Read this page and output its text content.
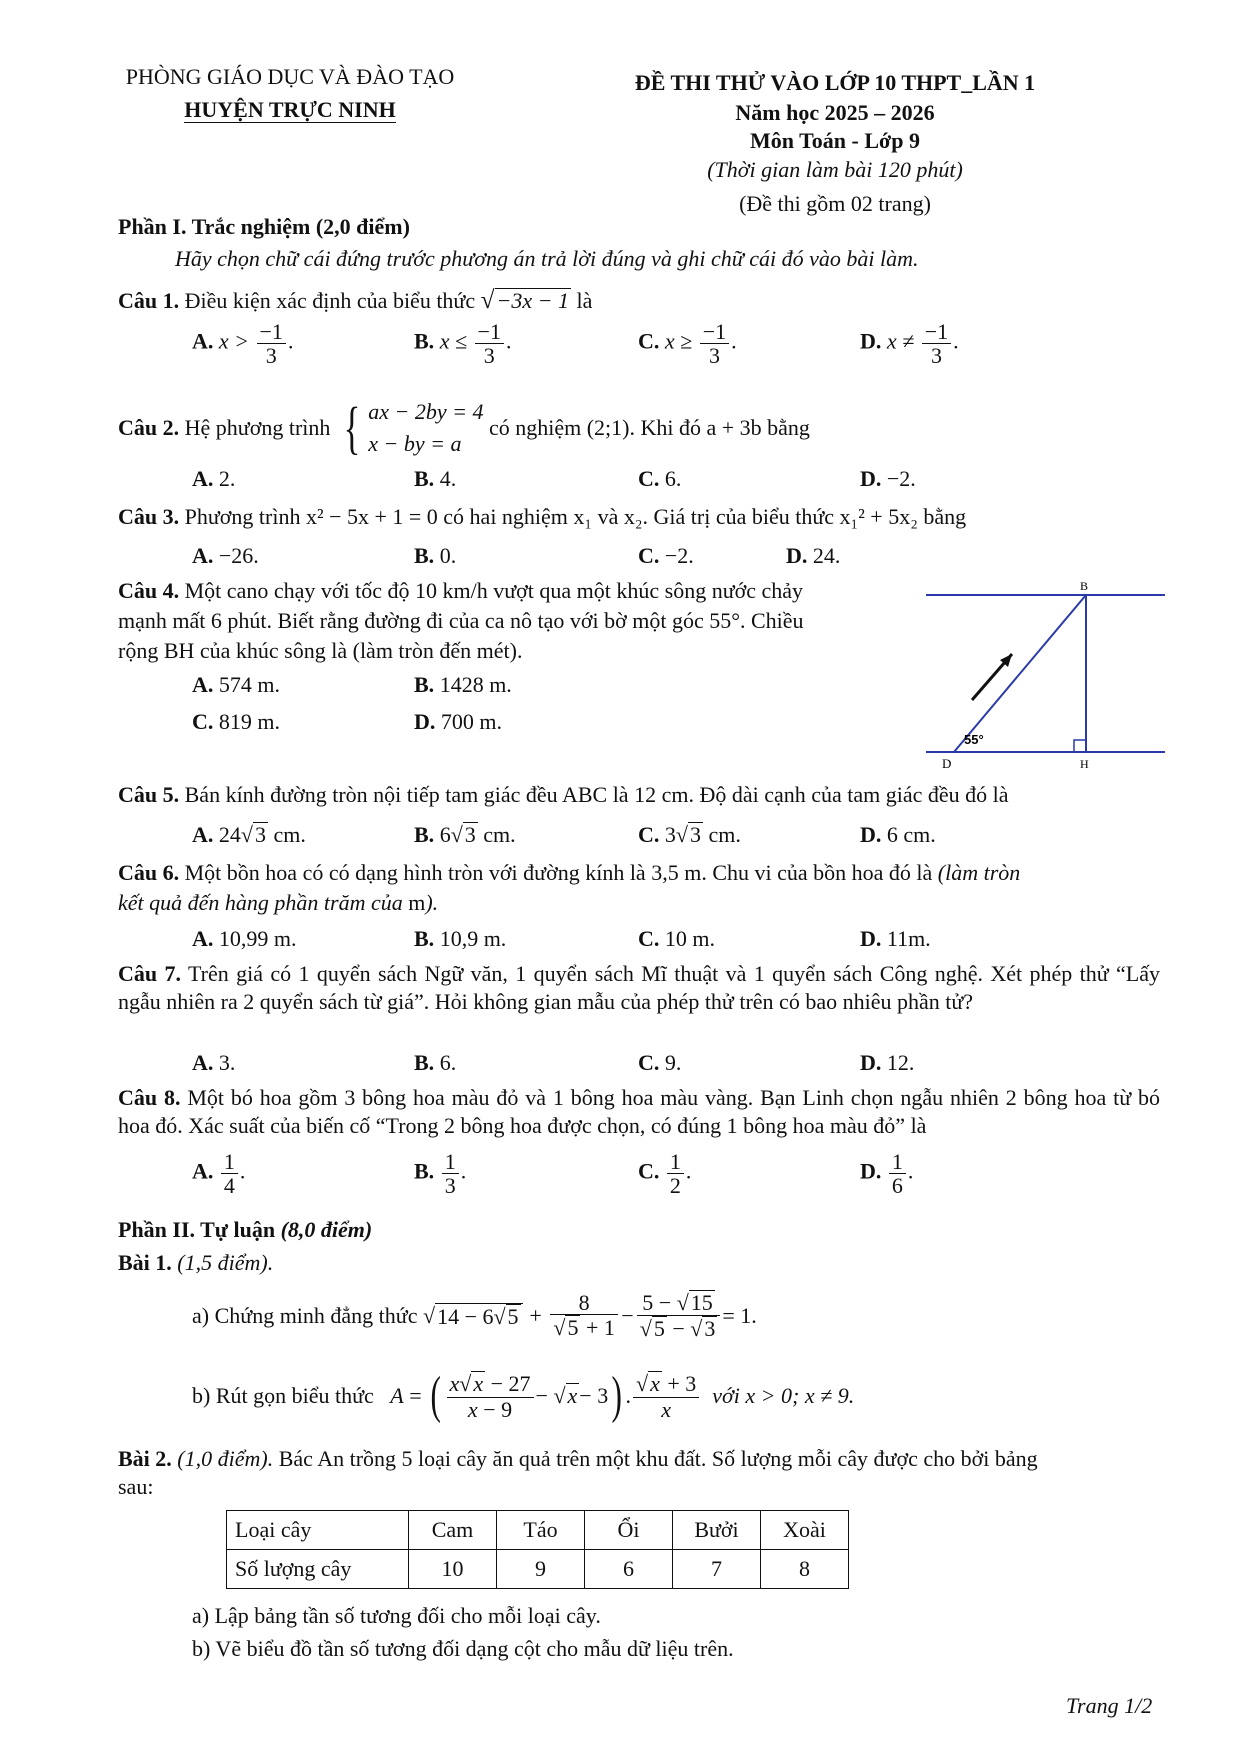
PHÒNG GIÁO DỤC VÀ ĐÀO TẠO
HUYỆN TRỰC NINH
ĐỀ THI THỬ VÀO LỚP 10 THPT_LẦN 1
Năm học 2025 – 2026
Môn Toán - Lớp 9
(Thời gian làm bài 120 phút)
(Đề thi gồm 02 trang)
Phần I. Trắc nghiệm (2,0 điểm)
Hãy chọn chữ cái đứng trước phương án trả lời đúng và ghi chữ cái đó vào bài làm.
Câu 1. Điều kiện xác định của biểu thức √−3x − 1 là
A. $x > \frac{-1}{3}$ .	B. $x \le \frac{-1}{3}$ .	C. $x \ge \frac{-1}{3}$ .	D. $x \ne \frac{-1}{3}$ .
Câu 2.
Hệ phương trình { ax − 2by = 4
x − by = a

có nghiệm (2;1). Khi đó a + 3b bằng
A. 2.	B. 4.	C. 6.	D. −2.
Câu 3. Phương trình x² − 5x + 1 = 0 có hai nghiệm x₁ và x₂. Giá trị của biểu thức x₁² + 5x₂ bằng
A. −26.	B. 0.	C. −2.	D. 24.
Câu 4. Một cano chạy với tốc độ 10 km/h vượt qua một khúc sông nước chảy
mạnh mất 6 phút. Biết rằng đường đi của ca nô tạo với bờ một góc 55°. Chiều
rộng BH của khúc sông là (làm tròn đến mét).
A. 574 m.	B. 1428 m.
C. 819 m.	D. 700 m.
B
D	H
55°
Câu 5. Bán kính đường tròn nội tiếp tam giác đều ABC là 12 cm. Độ dài cạnh của tam giác đều đó là
A. 24√3 cm.	B. 6√3 cm.	C. 3√3 cm.	D. 6 cm.
Câu 6. Một bồn hoa có có dạng hình tròn với đường kính là 3,5 m. Chu vi của bồn hoa đó là (làm tròn
kết quả đến hàng phần trăm của m).
A. 10,99 m.	B. 10,9 m.	C. 10 m.	D. 11m.
Câu 7. Trên giá có 1 quyển sách Ngữ văn, 1 quyển sách Mĩ thuật và 1 quyển sách Công nghệ. Xét phép thử “Lấy ngẫu nhiên ra 2 quyển sách từ giá”. Hỏi không gian mẫu của phép thử trên có bao nhiêu phần tử?
A. 3.	B. 6.	C. 9.	D. 12.
Câu 8. Một bó hoa gồm 3 bông hoa màu đỏ và 1 bông hoa màu vàng. Bạn Linh chọn ngẫu nhiên 2 bông hoa từ bó hoa đó. Xác suất của biến cố “Trong 2 bông hoa được chọn, có đúng 1 bông hoa màu đỏ” là
A. $\frac{1}{4}$ .	B. $\frac{1}{3}$ .	C. $\frac{1}{2}$ .	D. $\frac{1}{6}$ .
Phần II. Tự luận (8,0 điểm)
Bài 1. (1,5 điểm).
a) Chứng minh đẳng thức
√ $14 - 6√5 + \frac{8}{√5 + 1} - \frac{5 - √15}{√5 - √3} = 1$.
b) Rút gọn biểu thức
A = ( $\frac{x√x - 27}{x - 9}$ − √ x − 3 ) . $\frac{√x + 3}{x}$
với x > 0; x ≠ 9.
Bài 2. (1,0 điểm). Bác An trồng 5 loại cây ăn quả trên một khu đất. Số lượng mỗi cây được cho bởi bảng
sau:
Loại cây	Cam	Táo	Ổi	Bưởi	Xoài
Số lượng cây	10	9	6	7	8
a) Lập bảng tần số tương đối cho mỗi loại cây.
b) Vẽ biểu đồ tần số tương đối dạng cột cho mẫu dữ liệu trên.
Trang 1/2
